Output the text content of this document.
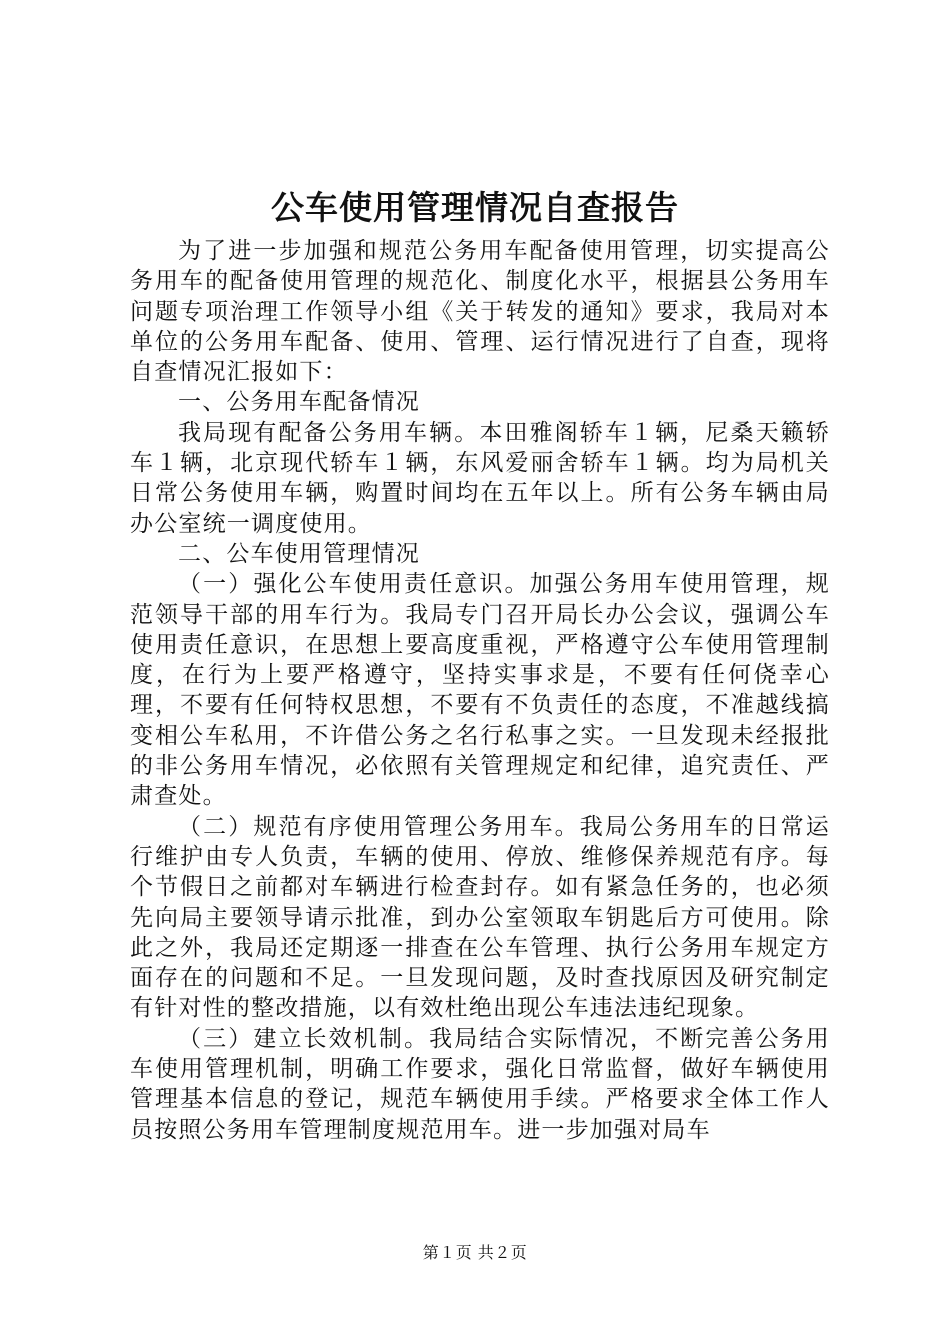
公车使用管理情况自查报告

为了进一步加强和规范公务用车配备使用管理，切实提高公务用车的配备使用管理的规范化、制度化水平，根据县公务用车问题专项治理工作领导小组《关于转发的通知》要求，我局对本单位的公务用车配备、使用、管理、运行情况进行了自查，现将自查情况汇报如下：

一、公务用车配备情况

我局现有配备公务用车辆。本田雅阁轿车１辆，尼桑天籁轿车１辆，北京现代轿车１辆，东风爱丽舍轿车１辆。均为局机关日常公务使用车辆，购置时间均在五年以上。所有公务车辆由局办公室统一调度使用。

二、公车使用管理情况

（一）强化公车使用责任意识。加强公务用车使用管理，规范领导干部的用车行为。我局专门召开局长办公会议，强调公车使用责任意识，在思想上要高度重视，严格遵守公车使用管理制度，在行为上要严格遵守，坚持实事求是，不要有任何侥幸心理，不要有任何特权思想，不要有不负责任的态度，不准越线搞变相公车私用，不许借公务之名行私事之实。一旦发现未经报批的非公务用车情况，必依照有关管理规定和纪律，追究责任、严肃查处。

（二）规范有序使用管理公务用车。我局公务用车的日常运行维护由专人负责，车辆的使用、停放、维修保养规范有序。每个节假日之前都对车辆进行检查封存。如有紧急任务的，也必须先向局主要领导请示批准，到办公室领取车钥匙后方可使用。除此之外，我局还定期逐一排查在公车管理、执行公务用车规定方面存在的问题和不足。一旦发现问题，及时查找原因及研究制定有针对性的整改措施，以有效杜绝出现公车违法违纪现象。

（三）建立长效机制。我局结合实际情况，不断完善公务用车使用管理机制，明确工作要求，强化日常监督，做好车辆使用管理基本信息的登记，规范车辆使用手续。严格要求全体工作人员按照公务用车管理制度规范用车。进一步加强对局车

第１页 共２页
